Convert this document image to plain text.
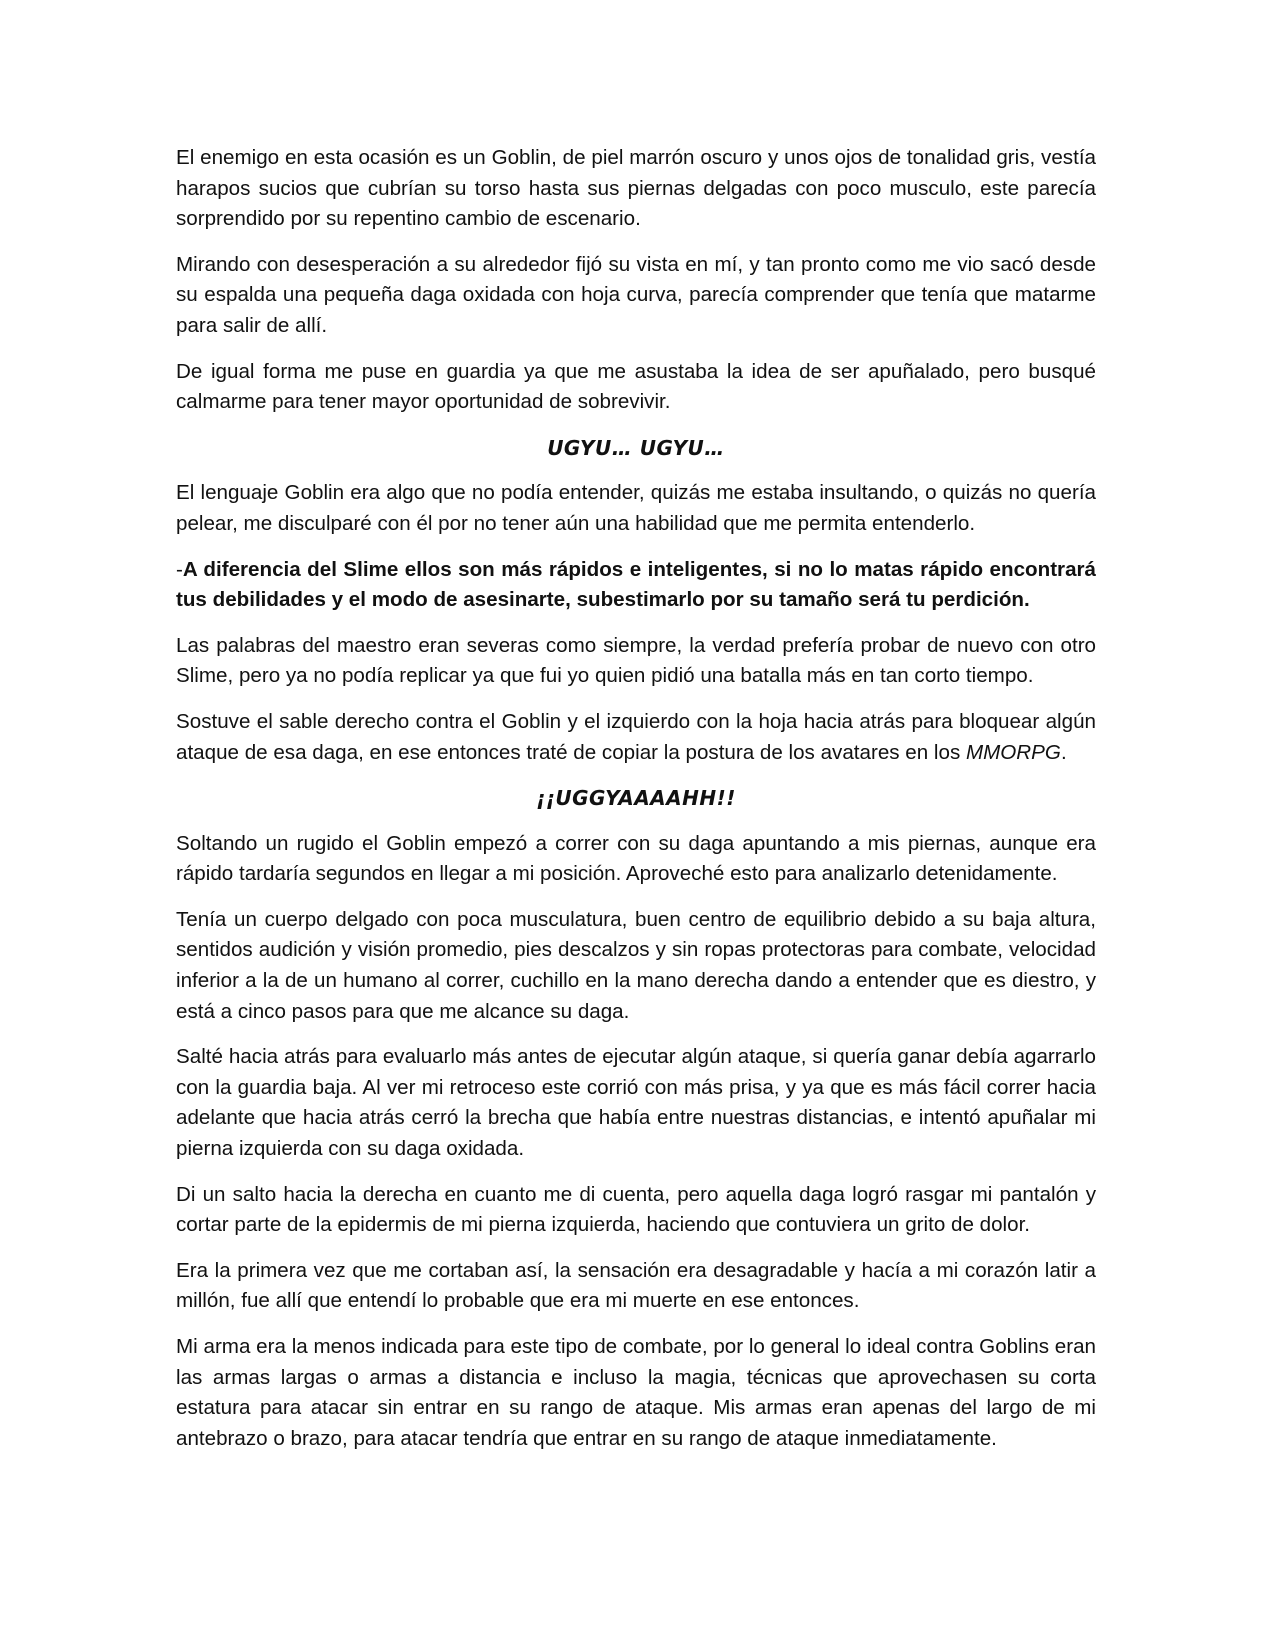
El enemigo en esta ocasión es un Goblin, de piel marrón oscuro y unos ojos de tonalidad gris, vestía harapos sucios que cubrían su torso hasta sus piernas delgadas con poco musculo, este parecía sorprendido por su repentino cambio de escenario.

Mirando con desesperación a su alrededor fijó su vista en mí, y tan pronto como me vio sacó desde su espalda una pequeña daga oxidada con hoja curva, parecía comprender que tenía que matarme para salir de allí.

De igual forma me puse en guardia ya que me asustaba la idea de ser apuñalado, pero busqué calmarme para tener mayor oportunidad de sobrevivir.

UGYU… UGYU…

El lenguaje Goblin era algo que no podía entender, quizás me estaba insultando, o quizás no quería pelear, me disculparé con él por no tener aún una habilidad que me permita entenderlo.

-A diferencia del Slime ellos son más rápidos e inteligentes, si no lo matas rápido encontrará tus debilidades y el modo de asesinarte, subestimarlo por su tamaño será tu perdición.

Las palabras del maestro eran severas como siempre, la verdad prefería probar de nuevo con otro Slime, pero ya no podía replicar ya que fui yo quien pidió una batalla más en tan corto tiempo.

Sostuve el sable derecho contra el Goblin y el izquierdo con la hoja hacia atrás para bloquear algún ataque de esa daga, en ese entonces traté de copiar la postura de los avatares en los MMORPG.

¡¡UGGYAAAAHH!!

Soltando un rugido el Goblin empezó a correr con su daga apuntando a mis piernas, aunque era rápido tardaría segundos en llegar a mi posición. Aproveché esto para analizarlo detenidamente.

Tenía un cuerpo delgado con poca musculatura, buen centro de equilibrio debido a su baja altura, sentidos audición y visión promedio, pies descalzos y sin ropas protectoras para combate, velocidad inferior a la de un humano al correr, cuchillo en la mano derecha dando a entender que es diestro, y está a cinco pasos para que me alcance su daga.

Salté hacia atrás para evaluarlo más antes de ejecutar algún ataque, si quería ganar debía agarrarlo con la guardia baja. Al ver mi retroceso este corrió con más prisa, y ya que es más fácil correr hacia adelante que hacia atrás cerró la brecha que había entre nuestras distancias, e intentó apuñalar mi pierna izquierda con su daga oxidada.

Di un salto hacia la derecha en cuanto me di cuenta, pero aquella daga logró rasgar mi pantalón y cortar parte de la epidermis de mi pierna izquierda, haciendo que contuviera un grito de dolor.

Era la primera vez que me cortaban así, la sensación era desagradable y hacía a mi corazón latir a millón, fue allí que entendí lo probable que era mi muerte en ese entonces.

Mi arma era la menos indicada para este tipo de combate, por lo general lo ideal contra Goblins eran las armas largas o armas a distancia e incluso la magia, técnicas que aprovechasen su corta estatura para atacar sin entrar en su rango de ataque. Mis armas eran apenas del largo de mi antebrazo o brazo, para atacar tendría que entrar en su rango de ataque inmediatamente.
